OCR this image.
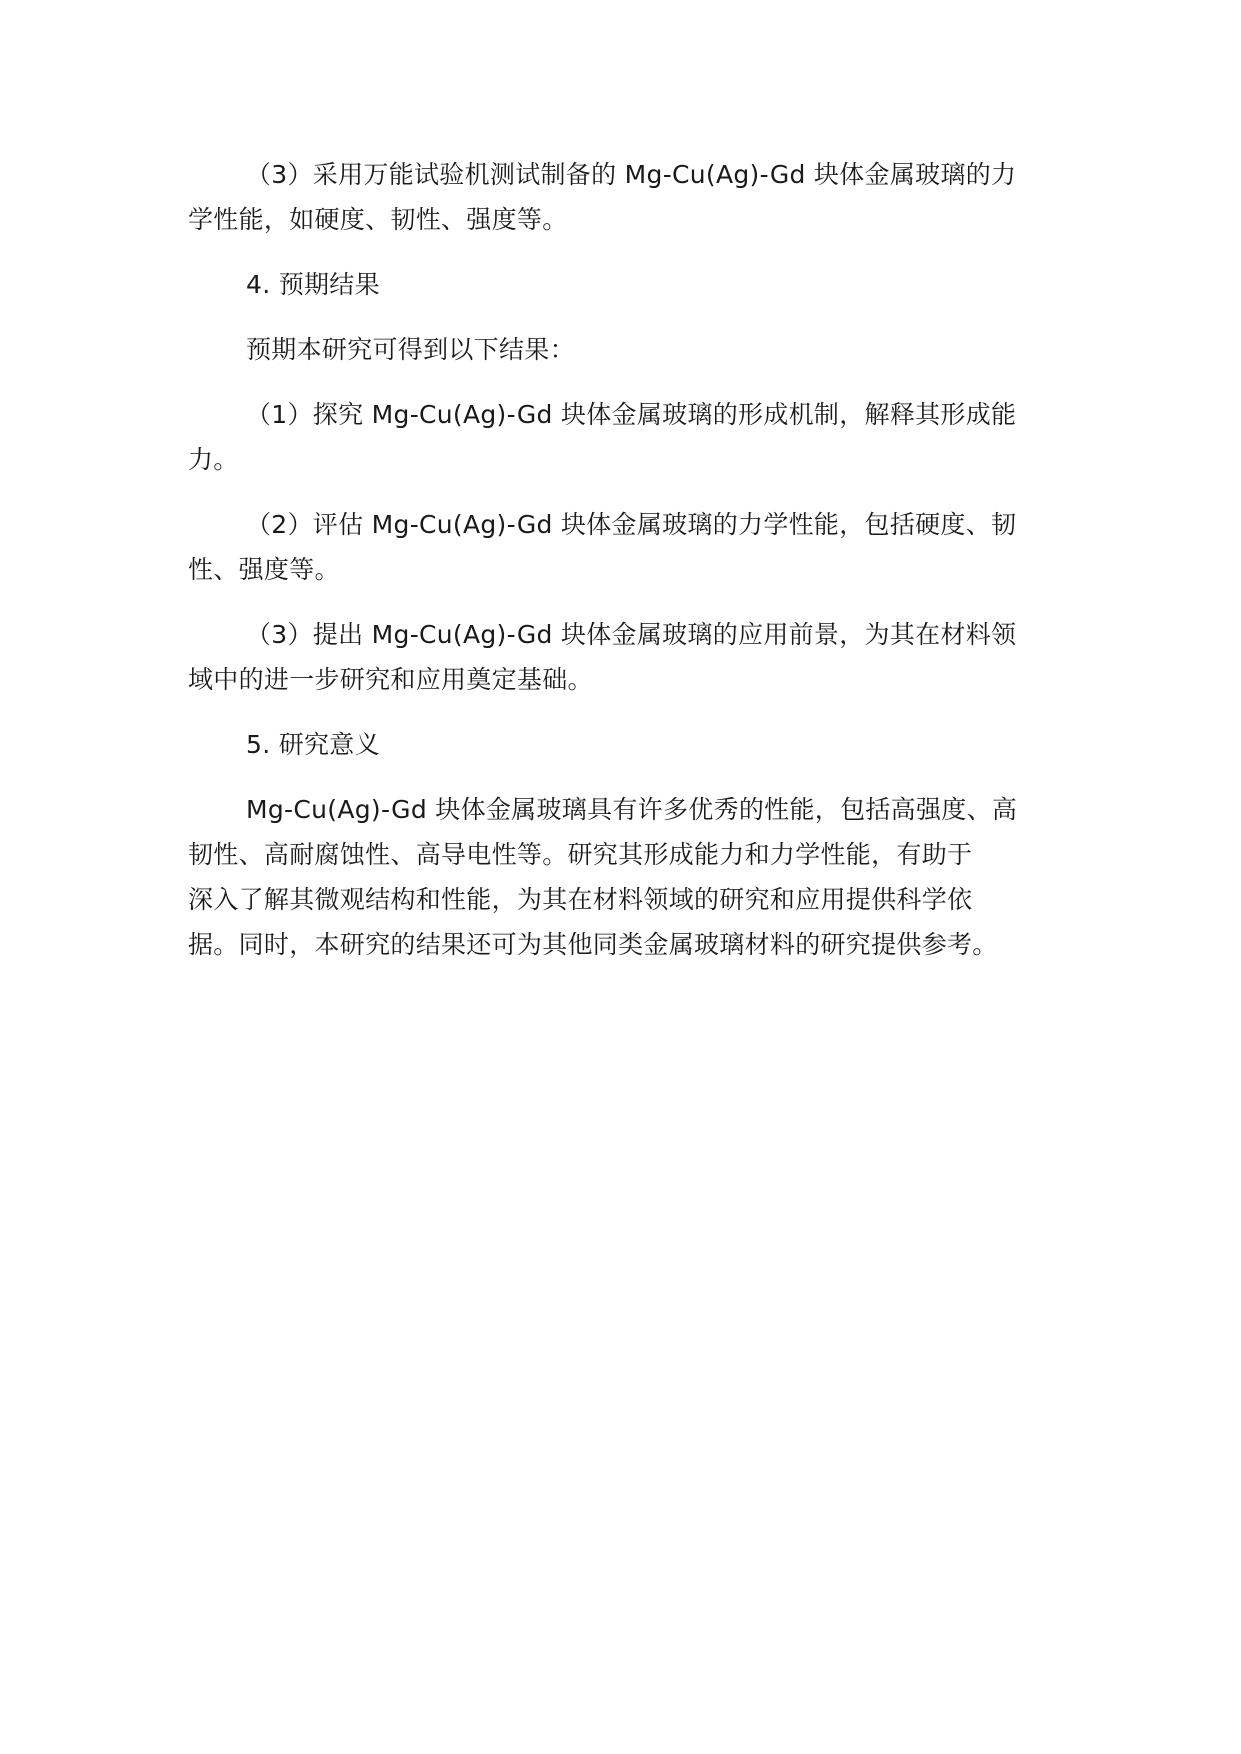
（3）采用万能试验机测试制备的 Mg-Cu(Ag)-Gd 块体金属玻璃的力
学性能，如硬度、韧性、强度等。

4. 预期结果

预期本研究可得到以下结果：

（1）探究 Mg-Cu(Ag)-Gd 块体金属玻璃的形成机制，解释其形成能
力。

（2）评估 Mg-Cu(Ag)-Gd 块体金属玻璃的力学性能，包括硬度、韧
性、强度等。

（3）提出 Mg-Cu(Ag)-Gd 块体金属玻璃的应用前景，为其在材料领
域中的进一步研究和应用奠定基础。

5. 研究意义

Mg-Cu(Ag)-Gd 块体金属玻璃具有许多优秀的性能，包括高强度、高
韧性、高耐腐蚀性、高导电性等。研究其形成能力和力学性能，有助于
深入了解其微观结构和性能，为其在材料领域的研究和应用提供科学依
据。同时，本研究的结果还可为其他同类金属玻璃材料的研究提供参考。
